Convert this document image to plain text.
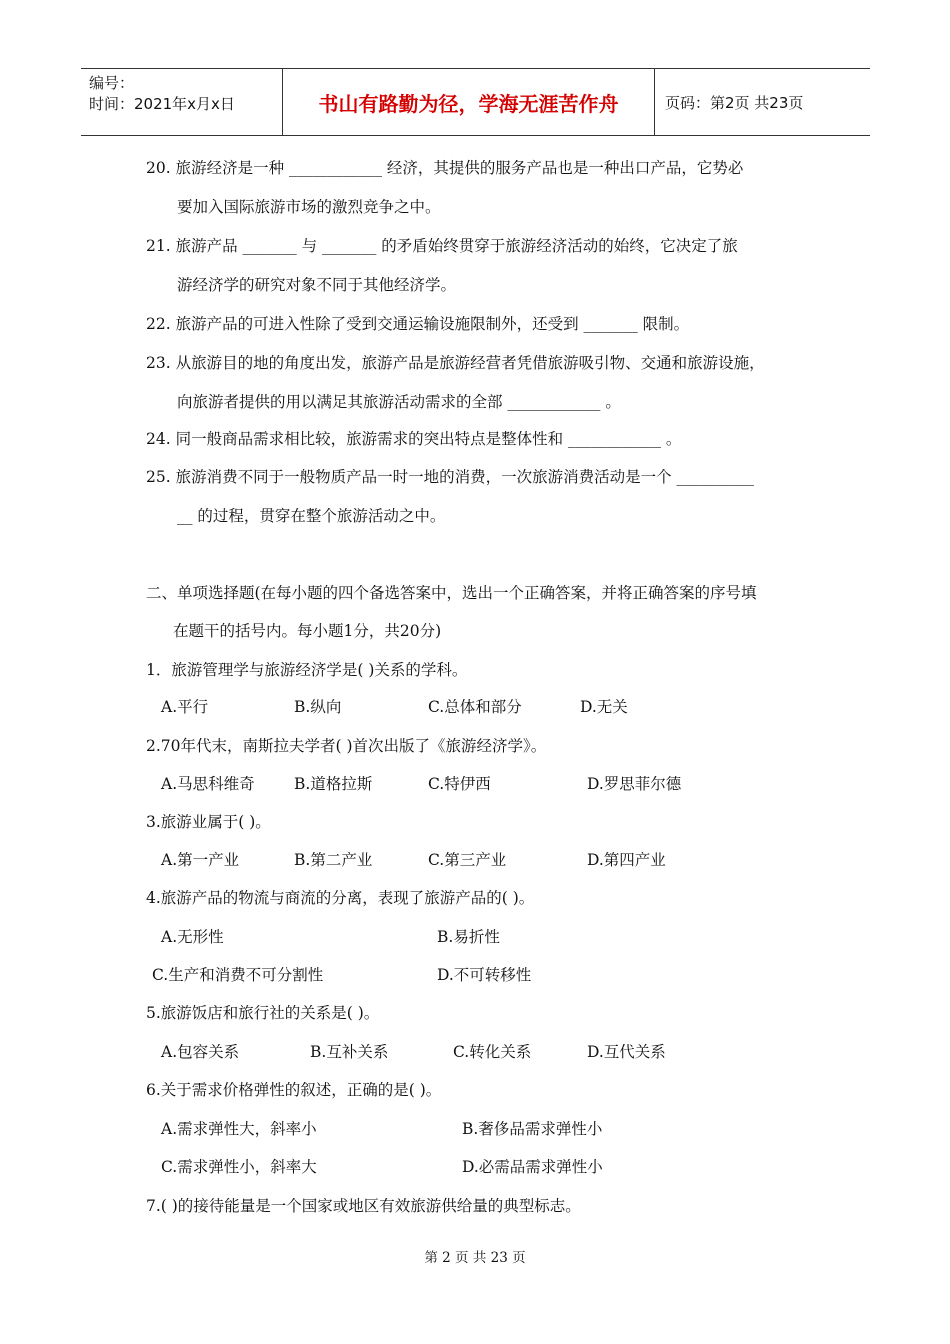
编号：
时间：2021年x月x日	书山有路勤为径，学海无涯苦作舟	页码：第2页 共23页
20. 旅游经济是一种 ____________ 经济，其提供的服务产品也是一种出口产品，它势必
要加入国际旅游市场的激烈竞争之中。
21. 旅游产品 _______ 与 _______ 的矛盾始终贯穿于旅游经济活动的始终，它决定了旅
游经济学的研究对象不同于其他经济学。
22. 旅游产品的可进入性除了受到交通运输设施限制外，还受到 _______ 限制。
23. 从旅游目的地的角度出发，旅游产品是旅游经营者凭借旅游吸引物、交通和旅游设施，
向旅游者提供的用以满足其旅游活动需求的全部 ____________ 。
24. 同一般商品需求相比较，旅游需求的突出特点是整体性和 ____________ 。
25. 旅游消费不同于一般物质产品一时一地的消费，一次旅游消费活动是一个 __________
__ 的过程，贯穿在整个旅游活动之中。
二、单项选择题(在每小题的四个备选答案中，选出一个正确答案，并将正确答案的序号填
在题干的括号内。每小题1分，共20分)
1．旅游管理学与旅游经济学是( )关系的学科。
A.平行	B.纵向	C.总体和部分	D.无关
2.70年代末，南斯拉夫学者( )首次出版了《旅游经济学》。
A.马思科维奇	B.道格拉斯	C.特伊西	D.罗思菲尔德
3.旅游业属于( )。
A.第一产业	B.第二产业	C.第三产业	D.第四产业
4.旅游产品的物流与商流的分离，表现了旅游产品的( )。
A.无形性	B.易折性
C.生产和消费不可分割性	D.不可转移性
5.旅游饭店和旅行社的关系是( )。
A.包容关系	B.互补关系	C.转化关系	D.互代关系
6.关于需求价格弹性的叙述，正确的是( )。
A.需求弹性大，斜率小	B.奢侈品需求弹性小
C.需求弹性小，斜率大	D.必需品需求弹性小
7.( )的接待能量是一个国家或地区有效旅游供给量的典型标志。
第 2 页 共 23 页
